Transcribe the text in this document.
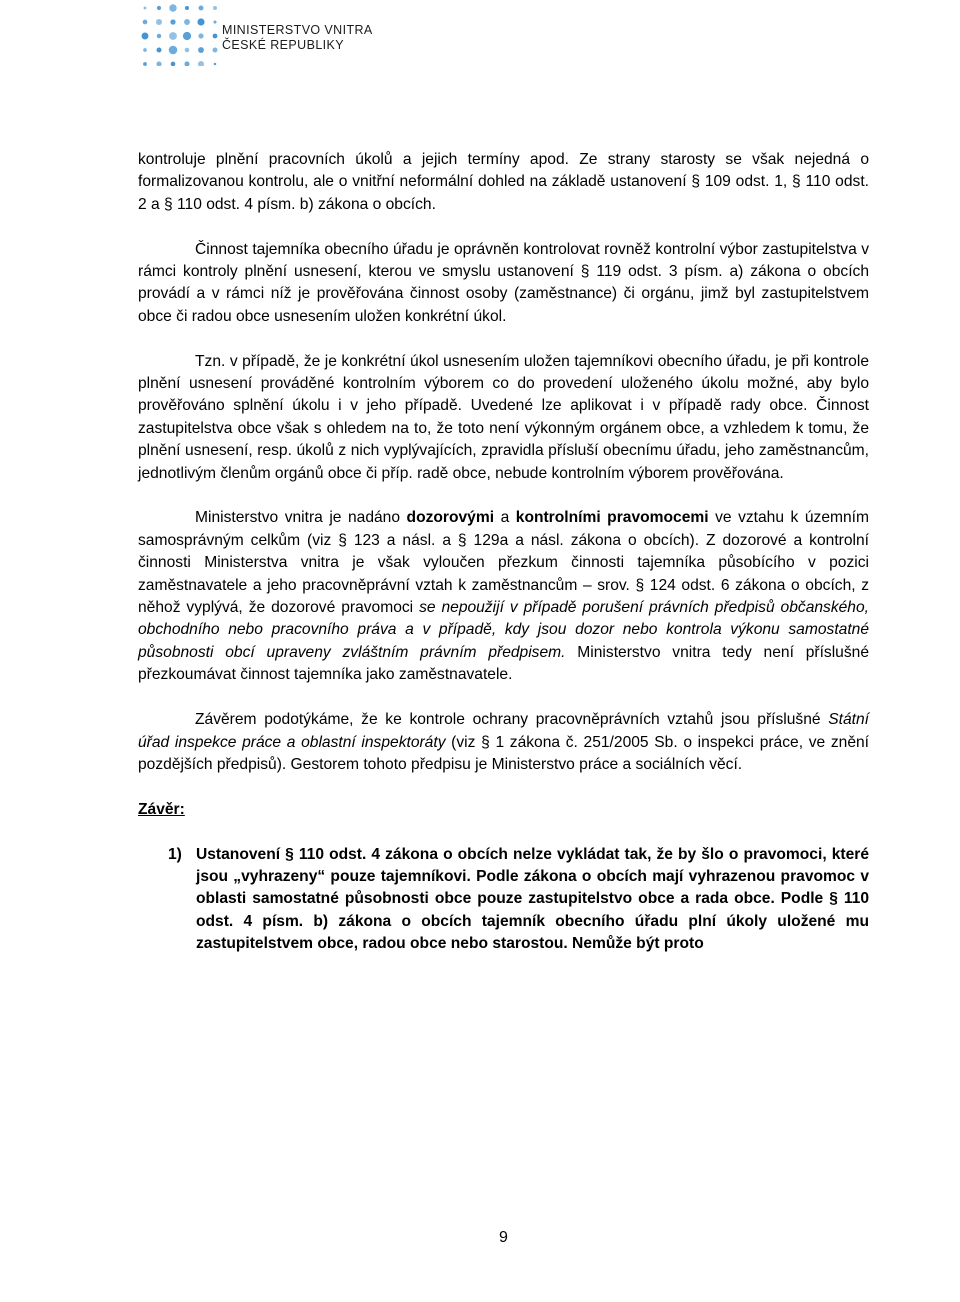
MINISTERSTVO VNITRA
ČESKÉ REPUBLIKY

kontroluje plnění pracovních úkolů a jejich termíny apod. Ze strany starosty se však nejedná o formalizovanou kontrolu, ale o vnitřní neformální dohled na základě ustanovení § 109 odst. 1, § 110 odst. 2 a § 110 odst. 4 písm. b) zákona o obcích.

Činnost tajemníka obecního úřadu je oprávněn kontrolovat rovněž kontrolní výbor zastupitelstva v rámci kontroly plnění usnesení, kterou ve smyslu ustanovení § 119 odst. 3 písm. a) zákona o obcích provádí a v rámci níž je prověřována činnost osoby (zaměstnance) či orgánu, jimž byl zastupitelstvem obce či radou obce usnesením uložen konkrétní úkol.

Tzn. v případě, že je konkrétní úkol usnesením uložen tajemníkovi obecního úřadu, je při kontrole plnění usnesení prováděné kontrolním výborem co do provedení uloženého úkolu možné, aby bylo prověřováno splnění úkolu i v jeho případě. Uvedené lze aplikovat i v případě rady obce. Činnost zastupitelstva obce však s ohledem na to, že toto není výkonným orgánem obce, a vzhledem k tomu, že plnění usnesení, resp. úkolů z nich vyplývajících, zpravidla přísluší obecnímu úřadu, jeho zaměstnancům, jednotlivým členům orgánů obce či příp. radě obce, nebude kontrolním výborem prověřována.

Ministerstvo vnitra je nadáno dozorovými a kontrolními pravomocemi ve vztahu k územním samosprávným celkům (viz § 123 a násl. a § 129a a násl. zákona o obcích). Z dozorové a kontrolní činnosti Ministerstva vnitra je však vyloučen přezkum činnosti tajemníka působícího v pozici zaměstnavatele a jeho pracovněprávní vztah k zaměstnancům – srov. § 124 odst. 6 zákona o obcích, z něhož vyplývá, že dozorové pravomoci se nepoužijí v případě porušení právních předpisů občanského, obchodního nebo pracovního práva a v případě, kdy jsou dozor nebo kontrola výkonu samostatné působnosti obcí upraveny zvláštním právním předpisem. Ministerstvo vnitra tedy není příslušné přezkoumávat činnost tajemníka jako zaměstnavatele.

Závěrem podotýkáme, že ke kontrole ochrany pracovněprávních vztahů jsou příslušné Státní úřad inspekce práce a oblastní inspektoráty (viz § 1 zákona č. 251/2005 Sb. o inspekci práce, ve znění pozdějších předpisů). Gestorem tohoto předpisu je Ministerstvo práce a sociálních věcí.

Závěr:

1) Ustanovení § 110 odst. 4 zákona o obcích nelze vykládat tak, že by šlo o pravomoci, které jsou „vyhrazeny“ pouze tajemníkovi. Podle zákona o obcích mají vyhrazenou pravomoc v oblasti samostatné působnosti obce pouze zastupitelstvo obce a rada obce. Podle § 110 odst. 4 písm. b) zákona o obcích tajemník obecního úřadu plní úkoly uložené mu zastupitelstvem obce, radou obce nebo starostou. Nemůže být proto
9
